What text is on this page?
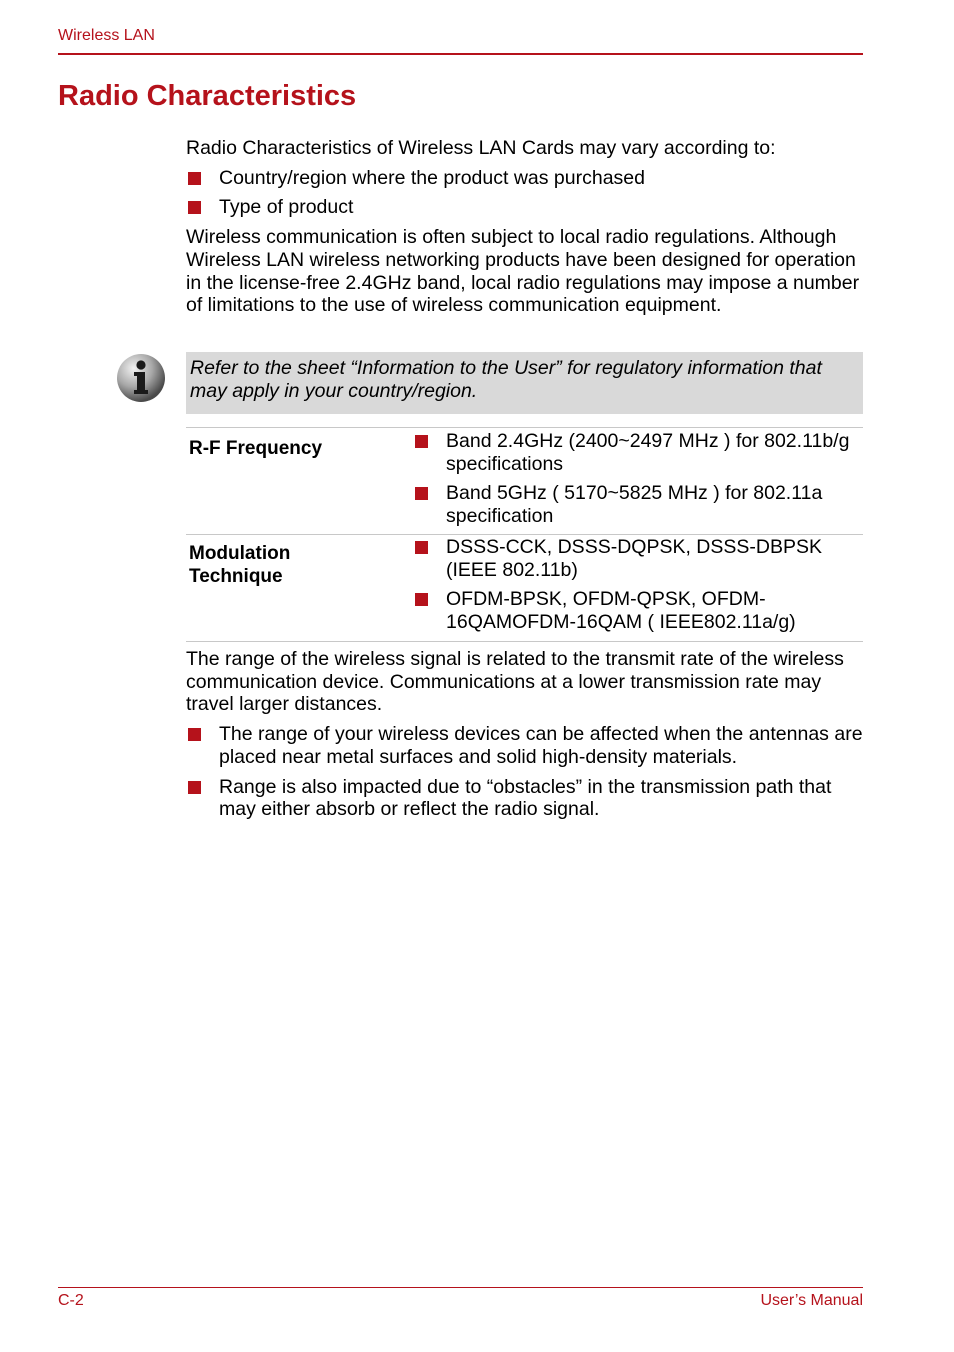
Wireless LAN
Radio Characteristics

Radio Characteristics of Wireless LAN Cards may vary according to:

Country/region where the product was purchased
Type of product

Wireless communication is often subject to local radio regulations. Although Wireless LAN wireless networking products have been designed for operation in the license-free 2.4GHz band, local radio regulations may impose a number of limitations to the use of wireless communication equipment.

Refer to the sheet “Information to the User” for regulatory information that may apply in your country/region.

R-F Frequency	Band 2.4GHz (2400~2497 MHz ) for 802.11b/g specifications
Band 5GHz ( 5170~5825 MHz ) for 802.11a specification
Modulation Technique
DSSS-CCK, DSSS-DQPSK, DSSS-DBPSK (IEEE 802.11b)
OFDM-BPSK, OFDM-QPSK, OFDM-16QAMOFDM-16QAM ( IEEE802.11a/g)

The range of the wireless signal is related to the transmit rate of the wireless communication device. Communications at a lower transmission rate may travel larger distances.

The range of your wireless devices can be affected when the antennas are placed near metal surfaces and solid high-density materials.
Range is also impacted due to “obstacles” in the transmission path that may either absorb or reflect the radio signal.
C-2	User’s Manual
